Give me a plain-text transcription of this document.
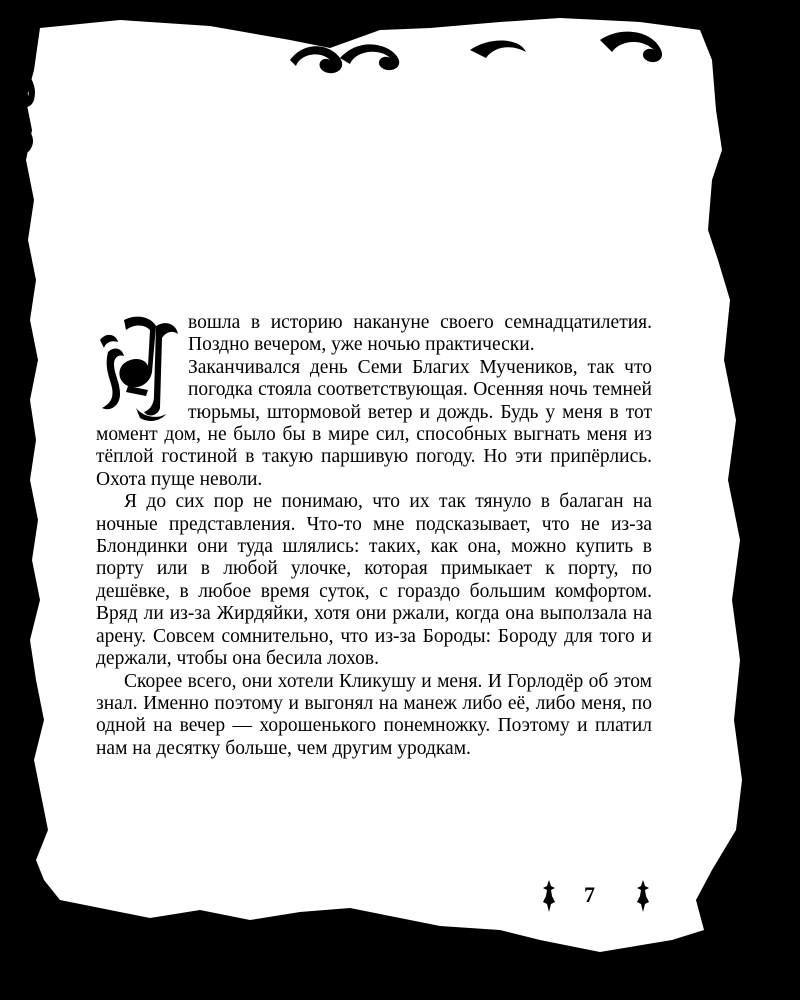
Я	вошла в историю накануне своего семнадцатилетия. Поздно вечером, уже ночью практически.

Заканчивался день Семи Благих Мучеников, так что погодка стояла соответствующая. Осенняя ночь темней тюрьмы, штормовой ветер и дождь. Будь у меня в тот момент дом, не было бы в мире сил, способных выгнать меня из тёплой гостиной в такую паршивую погоду. Но эти припёрлись. Охота пуще неволи.

Я до сих пор не понимаю, что их так тянуло в балаган на ночные представления. Что-то мне подсказывает, что не из-за Блондинки они туда шлялись: таких, как она, можно купить в порту или в любой улочке, которая примыкает к порту, по дешёвке, в любое время суток, с гораздо большим комфортом. Вряд ли из-за Жирдяйки, хотя они ржали, когда она выползала на арену. Совсем сомнительно, что из-за Бороды: Бороду для того и держали, чтобы она бесила лохов.

Скорее всего, они хотели Кликушу и меня. И Горлодёр об этом знал. Именно поэтому и выгонял на манеж либо её, либо меня, по одной на вечер — хорошенького понемножку. Поэтому и платил нам на десятку больше, чем другим уродкам.

7
